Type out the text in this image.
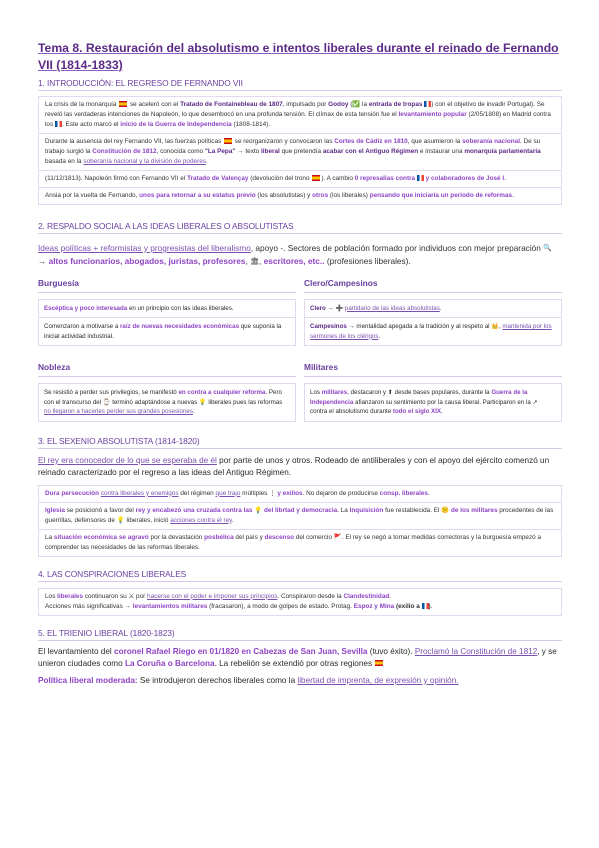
Tema 8. Restauración del absolutismo e intentos liberales durante el reinado de Fernando VII (1814-1833)
1. INTRODUCCIÓN: EL REGRESO DE FERNANDO VII
La crisis de la monarquía  se aceleró con el Tratado de Fontainebleau de 1807, impulsado por Godoy (✅ la entrada de tropas ) con el objetivo de invadir Portugal). Se reveló las verdaderas intenciones de Napoleón, lo que desembocó en una profunda tensión. El clímax de esta tensión fue el levantamiento popular (2/05/1808) en Madrid contra los . Este acto marcó el inicio de la Guerra de Independencia (1808-1814).
Durante la ausencia del rey Fernando VII, las fuerzas políticas  se reorganizaron y convocaron las Cortes de Cádiz en 1810, que asumieron la soberanía nacional. De su trabajo surgió la Constitución de 1812, conocida como "La Pepa" → texto liberal que pretendía acabar con el Antiguo Régimen e instaurar una monarquía parlamentaria basada en la soberanía nacional y la división de poderes.
(11/12/1813). Napoleón firmó con Fernando VII el Tratado de Valençay (devolución del trono ). A cambio 0 represalias contra y colaboradores de José I.
Ansia por la vuelta de Fernando, unos para retornar a su estatus previo (los absolutistas) y otros (los liberales) pensando que iniciaría un periodo de reformas.
2. RESPALDO SOCIAL A LAS IDEAS LIBERALES O ABSOLUTISTAS
Ideas políticas + reformistas y progresistas del liberalismo, apoyo -. Sectores de población formado por individuos con mejor preparación 🔍 → altos funcionarios, abogados, juristas, profesores, 🏛, escritores, etc.. (profesiones liberales).
Burguesía
Escéptica y poco interesada en un principio con las ideas liberales.
Comenzaron a motivarse a raíz de nuevas necesidades económicas que suponía la inicial actividad industrial.
Clero/Campesinos
Clero → ➕ partidario de las ideas absolutistas.
Campesinos → mentalidad apegada a la tradición y al respeto al 👑, mantenida por los sermones de los clérigos.
Nobleza
Se resistió a perder sus privilegios, se manifestó en contra a cualquier reforma. Pero con el transcurso del ⌚ terminó adaptándose a nuevas 💡 liberales pues las reformas no llegaron a hacerles perder sus grandes posesiones.
Militares
Los militares, destacaron y ⬆ desde bases populares, durante la Guerra de la Independencia afianzaron su sentimiento por la causa liberal. Participaron en la ↗ contra el absolutismo durante todo el siglo XIX.
3. EL SEXENIO ABSOLUTISTA (1814-1820)
El rey era conocedor de lo que se esperaba de él por parte de unos y otros. Rodeado de antiliberales y con el apoyo del ejército comenzó un reinado caracterizado por el regreso a las ideas del Antiguo Régimen.
Dura persecución contra liberales y enemigos del régimen que trajo múltiples ⋮ y exilios. No dejaron de producirse consp. liberales.
Iglesia se posicionó a favor del rey y encabezó una cruzada contra las 💡 del librtad y democracia. La Inquisición fue restablecida. El 😕 de los militares procedentes de las guerrillas, defensores de 💡 liberales, inició acciones contra el rey.
La situación económica se agravó por la devastación posbélica del país y descenso del comercio 🚩. El rey se negó a tomar medidas correctoras y la burguesía empezó a comprender las necesidades de las reformas liberales.
4. LAS CONSPIRACIONES LIBERALES
Los liberales continuaron su ⚔ por hacerse con el poder e imponer sus principios. Conspiraron desde la Clandestinidad.
Acciones más significativas → levantamientos militares (fracasaron), a modo de golpes de estado. Protag. Espoz y Mina (exilio a ).
5. EL TRIENIO LIBERAL (1820-1823)
El levantamiento del coronel Rafael Riego en 01/1820 en Cabezas de San Juan, Sevilla (tuvo éxito). Proclamó la Constitución de 1812, y se unieron ciudades como La Coruña o Barcelona. La rebelión se extendió por otras regiones
Política liberal moderada: Se introdujeron derechos liberales como la libertad de imprenta, de expresión y opinión.
